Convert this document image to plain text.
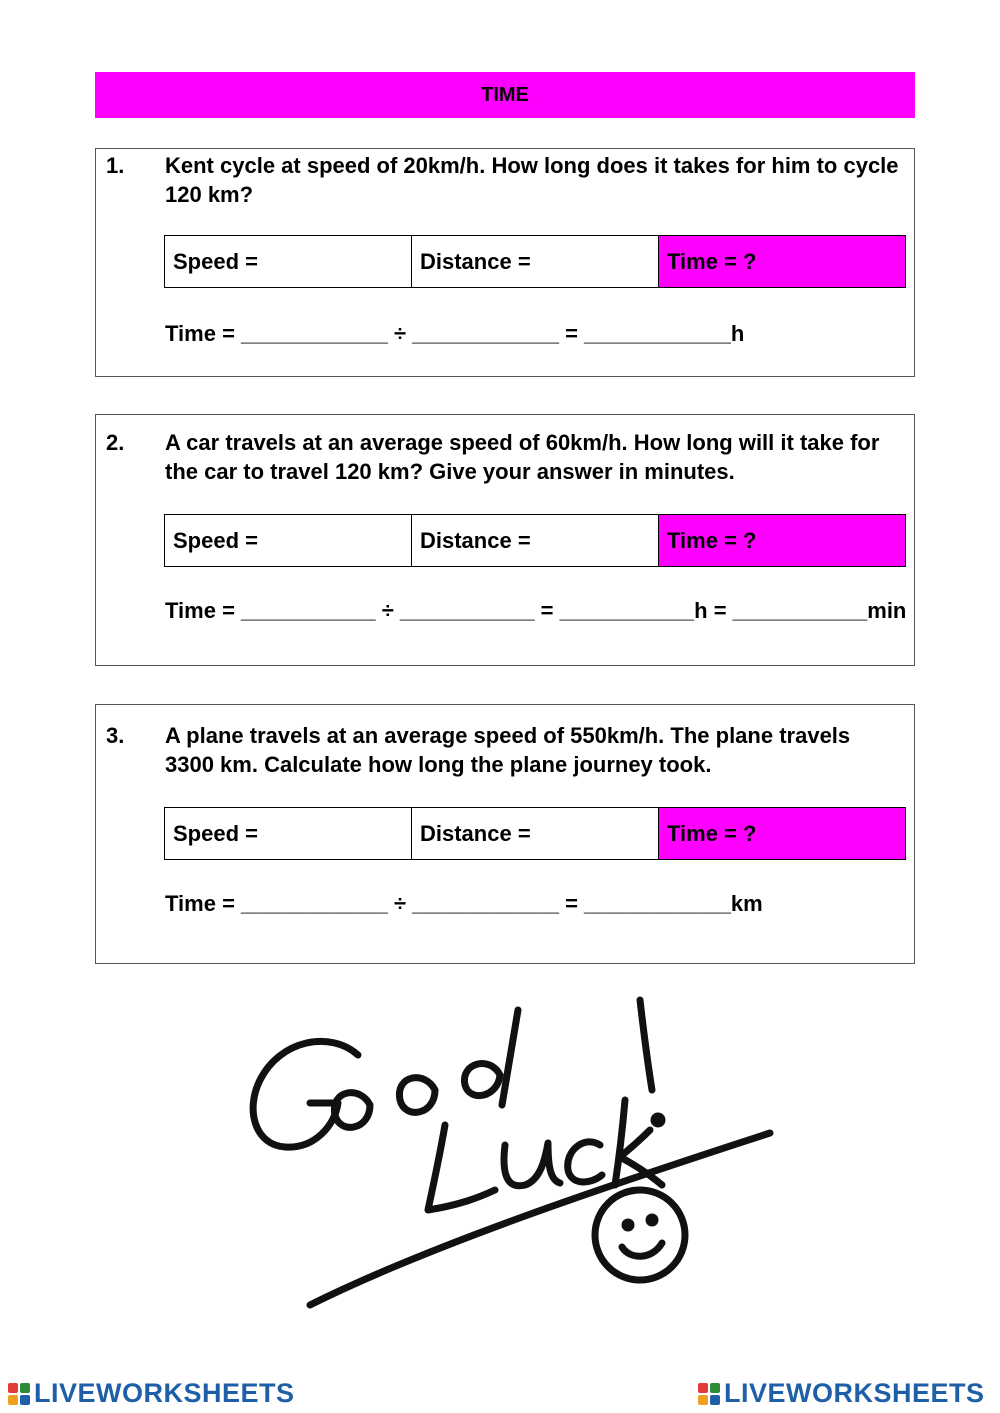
TIME
1. Kent cycle at speed of 20km/h. How long does it takes for him to cycle 120 km?
Speed =	Distance =	Time = ?
Time = ____________ ÷ ____________ = ____________h
2. A car travels at an average speed of 60km/h. How long will it take for the car to travel 120 km? Give your answer in minutes.
Speed =	Distance =	Time = ?
Time = ___________ ÷ ___________ = ___________h = ___________min
3. A plane travels at an average speed of 550km/h. The plane travels 3300 km. Calculate how long the plane journey took.
Speed =	Distance =	Time = ?
Time = ____________ ÷ ____________ = ____________km
LIVEWORKSHEETS	LIVEWORKSHEETS
